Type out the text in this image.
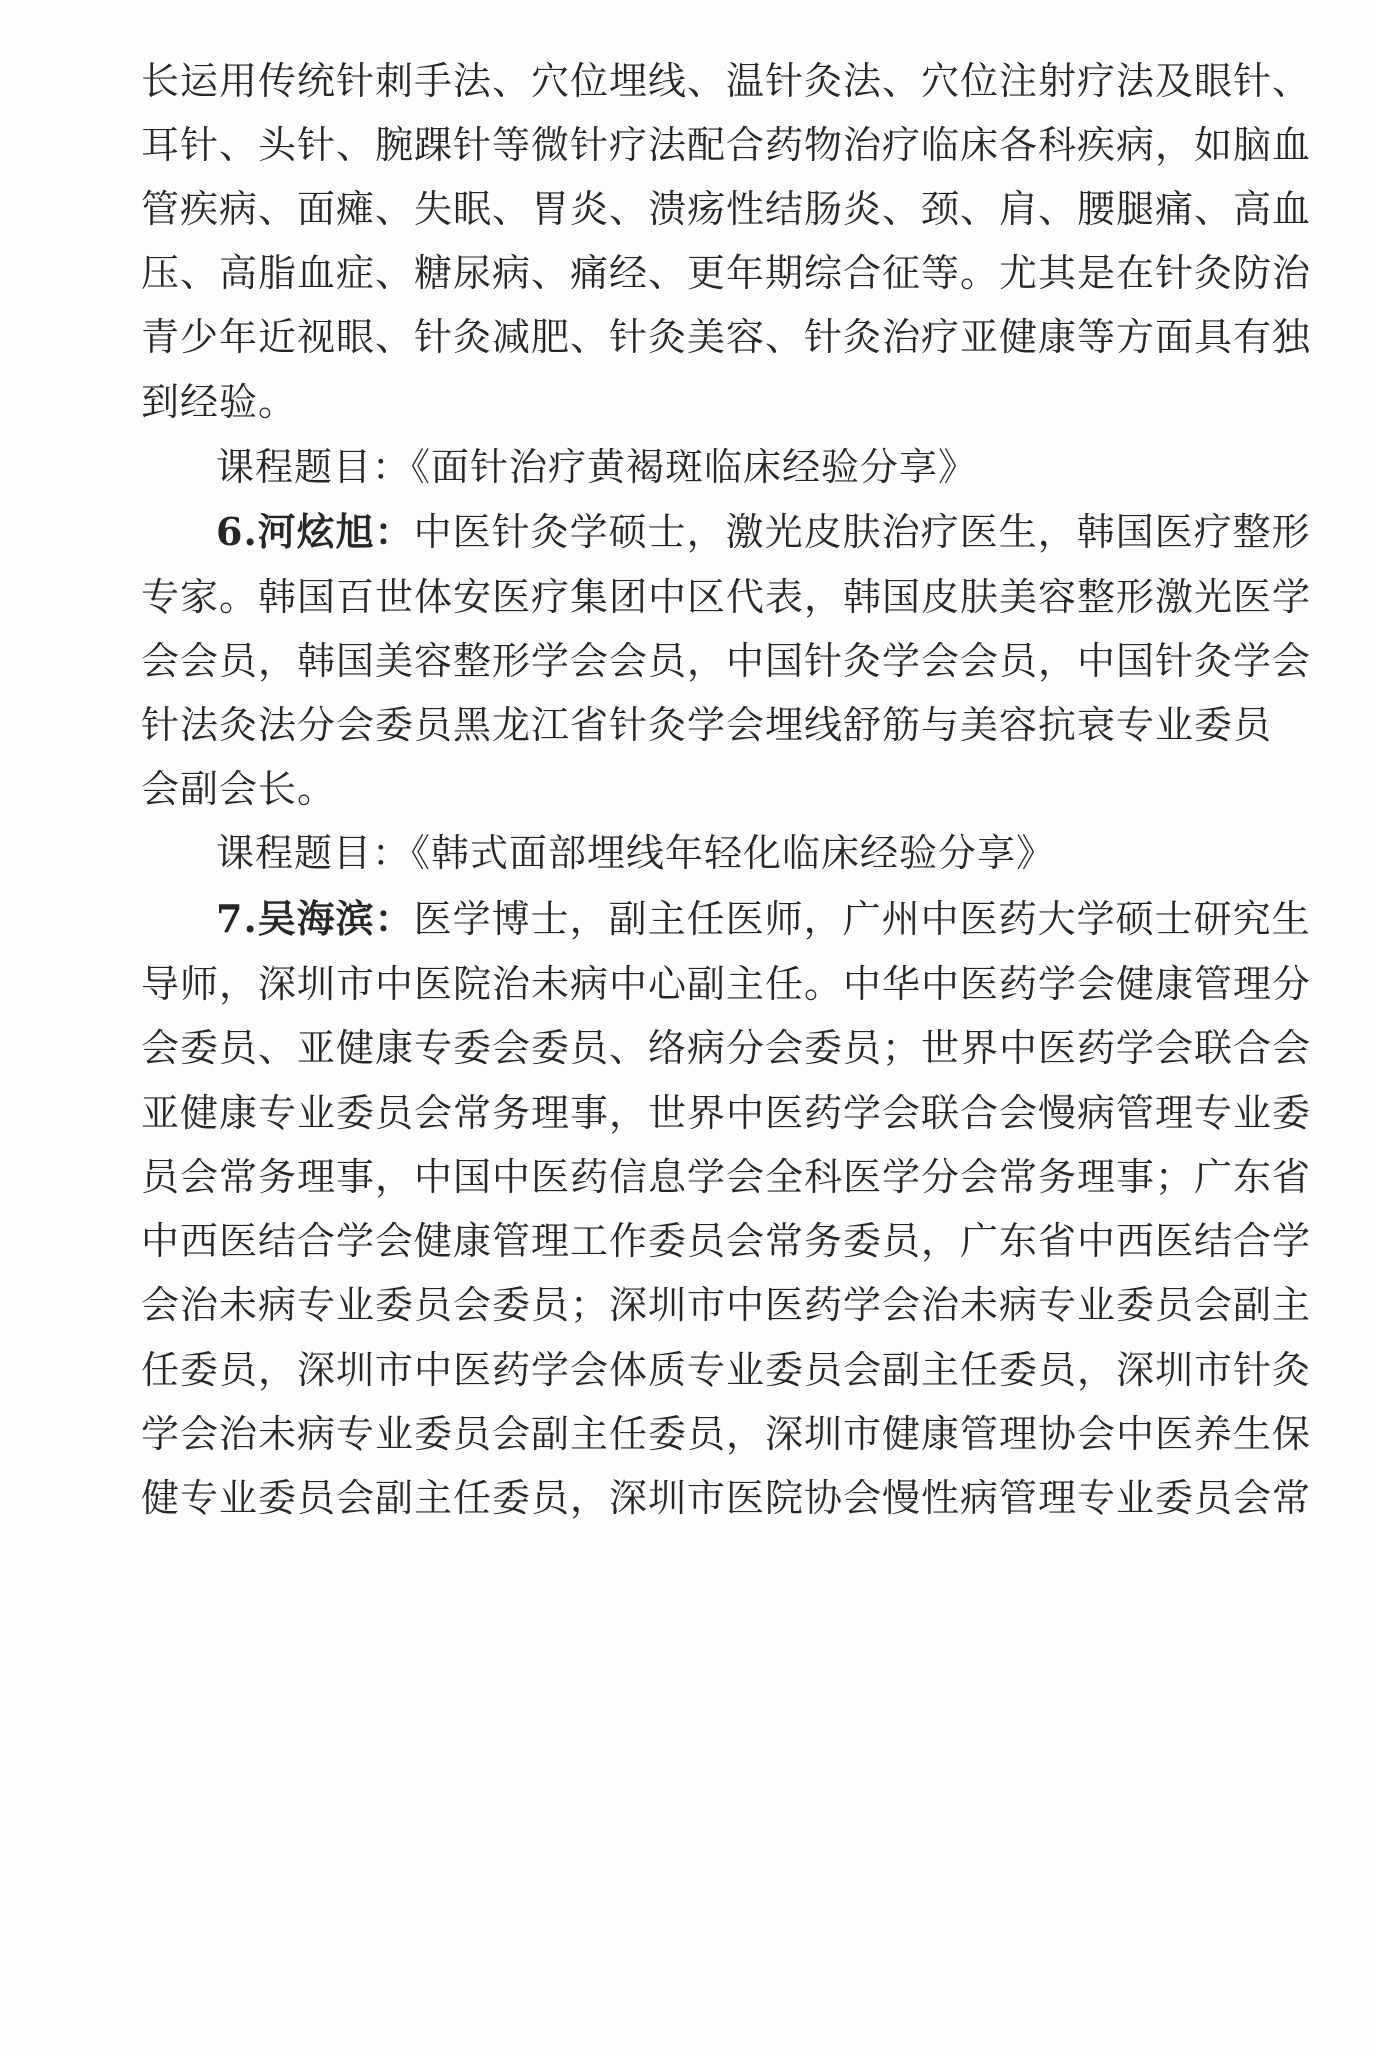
长运用传统针刺手法、穴位埋线、温针灸法、穴位注射疗法及眼针、
耳针、头针、腕踝针等微针疗法配合药物治疗临床各科疾病，如脑血
管疾病、面瘫、失眠、胃炎、溃疡性结肠炎、颈、肩、腰腿痛、高血
压、高脂血症、糖尿病、痛经、更年期综合征等。尤其是在针灸防治
青少年近视眼、针灸减肥、针灸美容、针灸治疗亚健康等方面具有独
到经验。
课程题目：《面针治疗黄褐斑临床经验分享》
6.河炫旭：中医针灸学硕士，激光皮肤治疗医生，韩国医疗整形
专家。韩国百世体安医疗集团中区代表，韩国皮肤美容整形激光医学
会会员，韩国美容整形学会会员，中国针灸学会会员，中国针灸学会
针法灸法分会委员黑龙江省针灸学会埋线舒筋与美容抗衰专业委员
会副会长。
课程题目：《韩式面部埋线年轻化临床经验分享》
7.吴海滨：医学博士，副主任医师，广州中医药大学硕士研究生
导师，深圳市中医院治未病中心副主任。中华中医药学会健康管理分
会委员、亚健康专委会委员、络病分会委员；世界中医药学会联合会
亚健康专业委员会常务理事，世界中医药学会联合会慢病管理专业委
员会常务理事，中国中医药信息学会全科医学分会常务理事；广东省
中西医结合学会健康管理工作委员会常务委员，广东省中西医结合学
会治未病专业委员会委员；深圳市中医药学会治未病专业委员会副主
任委员，深圳市中医药学会体质专业委员会副主任委员，深圳市针灸
学会治未病专业委员会副主任委员，深圳市健康管理协会中医养生保
健专业委员会副主任委员，深圳市医院协会慢性病管理专业委员会常
